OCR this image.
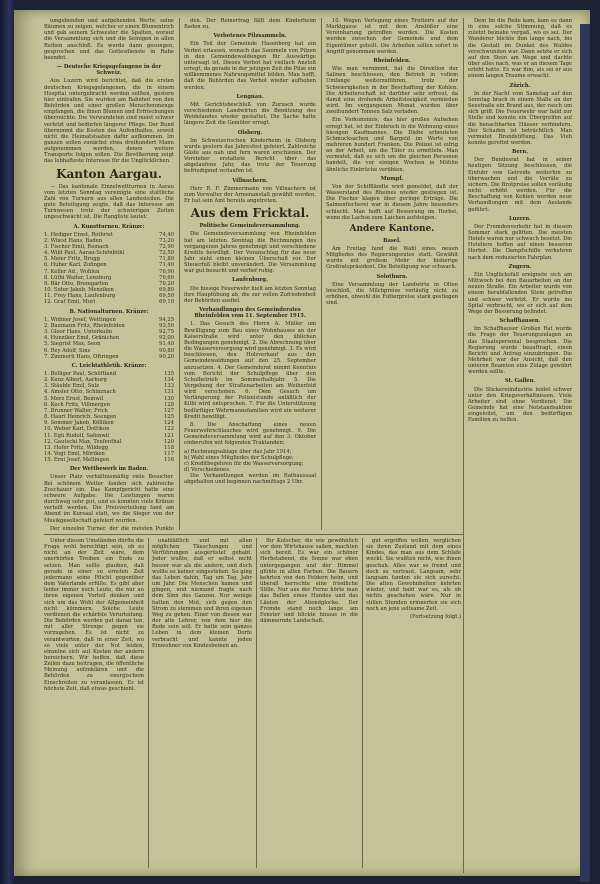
umgebenden und aufgehenden Werte, seine Bäumen zu zeigen, welcher er einen Blumentrich und gab seinem Schwester die Spalten, worauf die Versammlung sich und die Seinigen in allen Reihen anschloß. Es wurde dann gesungen, gesprochen und das Gottesdienste in Ruhe beendet.

— Deutsche Kriegsgefangene in der Schweiz.

Aus Luzern wird berichtet, daß die ersten deutschen Kriegsgefangenen, die in einem Hospital untergebracht werden sollten, gestern hier eintrafen. Sie wurden am Bahnhof von den Behörden und einer großen Menschenmenge empfangen, die ihnen Blumen und Erfrischungen überreichte. Die Verwundeten sind meist schwer verletzt und bedürfen längerer Pflege. Der Bund übernimmt die Kosten des Aufenthaltes, soweit nicht die Heimatstaaten dafür aufkommen. Im ganzen sollen zunächst etwa dreihundert Mann aufgenommen werden, denen weitere Transporte folgen sollen. Die Bevölkerung zeigt das lebhafteste Interesse für die Unglücklichen.

Kanton Aargau.

— Das kantonale Einzelwettturnen in Aarau vom letzten Sonntag vereinigte eine stattliche Zahl von Turnern aus allen Landesteilen. Die gute Beteiligung zeigte, daß das Interesse am Turnwesen trotz der schwierigen Zeiten ungeschwächt ist. Die Rangliste lautet:

A. Kunstturnen. Kränze:
1. Hediger Ernst, Rothrist	74,40
2. Wüest Hans, Baden	73,20
3. Fischer Emil, Reinach	72,90
4. Wild Paul, Aarau-Schönbühl	72,50
5. Meier Fritz, Brugg	71,80
6. Huber Karl, Zofingen	71,40
7. Keller Ad., Wohlen	70,90
8. Lüthi Walter, Lenzburg	70,60
9. Bär Otto, Bremgarten	70,20
10. Suter Jakob, Menziken	69,80
11. Frey Hans, Laufenburg	69,50
12. Graf Emil, Muri	69,10
B. Nationalturnen. Kränze:
1. Widmer Josef, Wettingen	94,25
2. Baumann Fritz, Rheinfelden	93,50
3. Gloor Hans, Unterkulm	92,75
4. Hunziker Emil, Gränichen	92,00
5. Siegrist Max, Seon	91,40
6. Rey Adolf, Sins	90,80
7. Zimmerli Hans, Oftringen	90,20
C. Leichtathletik. Kränze:
1. Bolliger Paul, Schöftland	135
2. Kunz Albert, Aarburg	134
3. Stäuble Emil, Sulz	133
4. Amsler Otto, Schinznach	131
5. Merz Ernst, Beinwil	130
6. Koch Fritz, Villmergen	128
7. Brunner Walter, Frick	127
8. Hauri Heinrich, Seengen	125
9. Sommer Jakob, Kölliken	124
10. Weber Karl, Dottikon	122
11. Egli Rudolf, Safenwil	121
12. Gautschi Max, Teufenthal	120
13. Hofer Fritz, Wildegg	118
14. Vogt Emil, Möriken	117
15. Erni Josef, Mellingen	116
Der Wettbewerb im Baden.

Unser Platz verhältnismäßig viele Besucher. Bei schönem Wetter fanden sich zahlreiche Zuschauer ein. Das Kampfgericht hatte eine schwere Aufgabe. Die Leistungen waren durchweg sehr gut, und es konnten viele Kränze verteilt werden. Die Preisverteilung fand am Abend im Kursaal statt, wo die Sieger von der Musikgesellschaft gefeiert wurden.

Der einzelne Turner, der die meisten Punkte

den. Der Reinertrag fällt dem Kinderheim Baden zu.

Verbotenes Pilzsammeln.

Ein Teil der Gemeinde Hasenberg hat ein Verbot erlassen, wonach das Sammeln von Pilzen in den Gemeindewaldungen für Auswärtige untersagt ist. Dieses Verbot hat vielfach Anstoß erregt, da gerade in der jetzigen Zeit die Pilze ein willkommenes Nahrungsmittel bilden. Man hofft, daß die Behörden das Verbot wieder aufheben werden.

Lengnau.

Mit Gerichtsbeschluß von Zurzach wurde verschiedenen Landwirten die Benützung des Weidelandes wieder gestattet. Die Sache hatte längere Zeit die Gemüter erregt.

Olsberg.

Im Schweizerischen Kinderheim in Olsberg wurde gestern das Jahresfest gefeiert. Zahlreiche Gäste aus nah und fern waren erschienen. Der Vorsteher erstattete Bericht über das abgelaufene Jahr, das trotz der Teuerung befriedigend verlaufen ist.

Villnachern.

Herr R. F. Zimmermann von Villnachern ist zum Verwalter der Armenanstalt gewählt worden. Er hat sein Amt bereits angetreten.

Aus dem Fricktal.
Politische Gemeindeversammlung.

Die Gemeindeversammlung von Rheinfelden hat am letzten Sonntag die Rechnungen des vergangenen Jahres genehmigt und verschiedene Kredite bewilligt. Der Voranschlag für das neue Jahr sieht einen kleinen Überschuß vor. Der Steuerfuß bleibt unverändert. Die Versammlung war gut besucht und verlief ruhig.

Laufenburg.

Die hiesige Feuerwehr hielt am letzten Sonntag ihre Hauptübung ab, die zur vollen Zufriedenheit der Behörden ausfiel.

Verhandlungen des Gemeinderates Rheinfelden vom 11. September 1915.

1. Das Gesuch des Herrn A. Müller um Bewilligung zum Bau eines Wohnhauses an der Kaiserstraße wird unter den üblichen Bedingungen genehmigt. 2. Die Abrechnung über die Wasserversorgung wird genehmigt. 3. Es wird beschlossen, den Holzverkauf aus den Gemeindewaldungen auf den 25. September anzusetzen. 4. Der Gemeinderat nimmt Kenntnis vom Bericht der Schulpflege über den Schulbetrieb im Sommerhalbjahr. 5. Die Vergebung der Straßenarbeiten am Weiherfeld wird verschoben. 6. Dem Gesuch um Verlängerung der Polizeistunde anläßlich der Kilbi wird entsprochen. 7. Für die Unterstützung bedürftiger Wehrmannsfamilien wird ein weiterer Kredit bewilligt.

8. Die Anschaffung eines neuen Feuerwehrschlauches wird genehmigt. 9. Die Gemeindeversammlung wird auf den 3. Oktober einberufen mit folgenden Traktanden:

a) Rechnungsablage über das Jahr 1914;
b) Wahl eines Mitgliedes der Schulpflege;
c) Kreditbegehren für die Wasserversorgung;
d) Verschiedenes.

Die Verhandlungen werden im Rathaussaal abgehalten und beginnen nachmittags 2 Uhr.

10. Wegen Verlegung eines Trottoirs auf der Marktgasse ist mit dem Anstößer eine Vereinbarung getroffen worden. Die Kosten werden zwischen der Gemeinde und dem Eigentümer geteilt. Die Arbeiten sollen sofort in Angriff genommen werden.

Rheinfelden.

Wie man vernimmt, hat die Direktion der Salinen beschlossen, den Betrieb in vollem Umfange weiterzuführen, trotz der Schwierigkeiten in der Beschaffung der Kohlen. Die Arbeiterschaft ist darüber sehr erfreut, da damit eine drohende Arbeitslosigkeit vermieden wird. Im vergangenen Monat wurden über zweihundert Tonnen Salz verladen.

Ein Vorkommnis, das hier großes Aufsehen erregt hat, ist der Einbruch in die Wohnung eines hiesigen Kaufmannes. Die Diebe erbeuteten Schmucksachen und Bargeld im Werte von mehreren hundert Franken. Die Polizei ist eifrig an der Arbeit, um die Täter zu ermitteln. Man vermutet, daß es sich um die gleichen Personen handelt, die vor einigen Wochen in Möhlin ähnliche Einbrüche verübten.

Mumpf.

Von der Schiffländte wird gemeldet, daß der Wasserstand des Rheines wieder gestiegen ist. Die Fischer klagen über geringe Erträge. Die Salmenfischerei war in diesem Jahre besonders schlecht. Man hofft auf Besserung im Herbst, wenn die Lachse zum Laichen aufsteigen.

Andere Kantone.
Basel.

Am Freitag fand die Wahl eines neuen Mitgliedes des Regierungsrates statt. Gewählt wurde mit großem Mehr der bisherige Großratspräsident. Die Beteiligung war schwach.

Solothurn.

Eine Versammlung der Landwirte in Olten beschloß, die Milchpreise vorläufig nicht zu erhöhen, obwohl die Futterpreise stark gestiegen sind.

Dem Im die Rede kam, kam es dann in eine solche Stimmung, daß es zuletzt beinahe vergaß, wo es sei. Der Wanderer blickte ihm lange nach, bis die Gestalt im Dunkel des Waldes verschwunden war. Dann setzte er sich auf den Stein am Wege und dachte über alles nach, was er an diesem Tage erlebt hatte. Es war ihm, als sei er aus einem langen Traume erwacht.

Zürich.

In der Nacht vom Samstag auf den Sonntag brach in einem Stalle an der Seestraße ein Brand aus, der rasch um sich griff. Die Feuerwehr war bald zur Stelle und konnte ein Übergreifen auf die benachbarten Häuser verhindern. Der Schaden ist beträchtlich. Man vermutet Brandstiftung. Das Vieh konnte gerettet werden.

Bern.

Der Bundesrat hat in seiner heutigen Sitzung beschlossen, die Einfuhr von Getreide weiterhin zu überwachen und die Vorräte zu sichern. Die Brotpreise sollen vorläufig nicht erhöht werden. Für die Beschaffung von Kohlen werden neue Verhandlungen mit dem Auslande geführt.

Luzern.

Der Fremdenverkehr hat in diesem Sommer stark gelitten. Die meisten Hotels waren nur schwach besetzt. Die Hoteliers hoffen auf einen besseren Herbst. Die Dampfschiffe verkehren nach dem reduzierten Fahrplan.

Zugern.

Ein Unglücksfall ereignete sich am Mittwoch bei den Bauarbeiten an der neuen Straße. Ein Arbeiter wurde von einem herabfallenden Stein getroffen und schwer verletzt. Er wurde ins Spital verbracht, wo er sich auf dem Wege der Besserung befindet.

Schaffhausen.

Im Schaffhauser Großen Rat wurde die Frage der Teuerungszulagen an das Staatspersonal besprochen. Die Regierung wurde beauftragt, einen Bericht und Antrag einzubringen. Die Mehrheit war der Ansicht, daß den unteren Beamten eine Zulage gewährt werden sollte.

St. Gallen.

Die Stickereiindustrie leidet schwer unter den Kriegsverhältnissen. Viele Arbeiter sind ohne Verdienst. Die Gemeinde hat eine Notstandsaktion eingeleitet, um den bedürftigen Familien zu helfen.

Unter diesen Umständen dürfte die Frage wohl berechtigt sein, ob es nicht an der Zeit wäre, dem unerhörten Treiben ein Ende zu setzen. Man sollte glauben, daß gerade in einer so ernsten Zeit jedermann seine Pflicht gegenüber dem Vaterlande erfülle. Es gibt aber leider immer noch Leute, die nur an ihren eigenen Vorteil denken und sich um das Wohl der Allgemeinheit nicht kümmern. Solche Leute verdienen die schärfste Verurteilung. Die Behörden werden gut daran tun, mit aller Strenge gegen sie vorzugehen. Es ist nicht zu verantworten, daß in einer Zeit, wo so viele unter der Not leiden, einzelne sich auf Kosten der andern bereichern. Wir hoffen, daß diese Zeilen dazu beitragen, die öffentliche Meinung aufzuklären und die Behörden zu energischem Einschreiten zu veranlassen. Es ist höchste Zeit, daß etwas geschieht.

unabläßlich und mit allen möglichen Täuschungen und Verführungen ausgerüstet gehabt. Jeder wußte, daß er selbst nicht besser war als die andern, und doch wollte es keiner eingestehen. So ging das Leben dahin, Tag um Tag, Jahr um Jahr. Die Menschen kamen und gingen, und niemand fragte nach dem Sinn des Ganzen. Nur wenige hatten den Mut, sich gegen den Strom zu stemmen und ihren eigenen Weg zu gehen. Einer von diesen war der alte Lehrer, von dem hier die Rede sein soll. Er hatte sein ganzes Leben in dem kleinen Dorfe verbracht und kannte jeden Einwohner von Kindesbeinen an.

Ihr Kutscher, die wie gewöhnlich vor dem Wirtshause saßen, machten sich bereit. Es war ein schöner Herbstabend, die Sonne war eben untergegangen und der Himmel glühte in allen Farben. Die Bauern kehrten von den Feldern heim, und überall herrschte eine friedliche Stille. Nur aus der Ferne hörte man das Bellen eines Hundes und das Läuten der Abendglocke. Der Fremde stand noch lange am Fenster und blickte hinaus in die dämmernde Landschaft.

gut ergriffen wollen, verglichen sie ihren Zustand mit dem eines Kindes, das man aus dem Schlafe weckt. Sie wußten nicht, wie ihnen geschah. Alles war so fremd und doch so vertraut. Langsam, sehr langsam fanden sie sich zurecht. Die alten Gewohnheiten kehrten wieder, und bald war es, als ob nichts geschehen wäre. Nur in stillen Stunden erinnerten sie sich noch an jene seltsame Zeit.

(Fortsetzung folgt.)
